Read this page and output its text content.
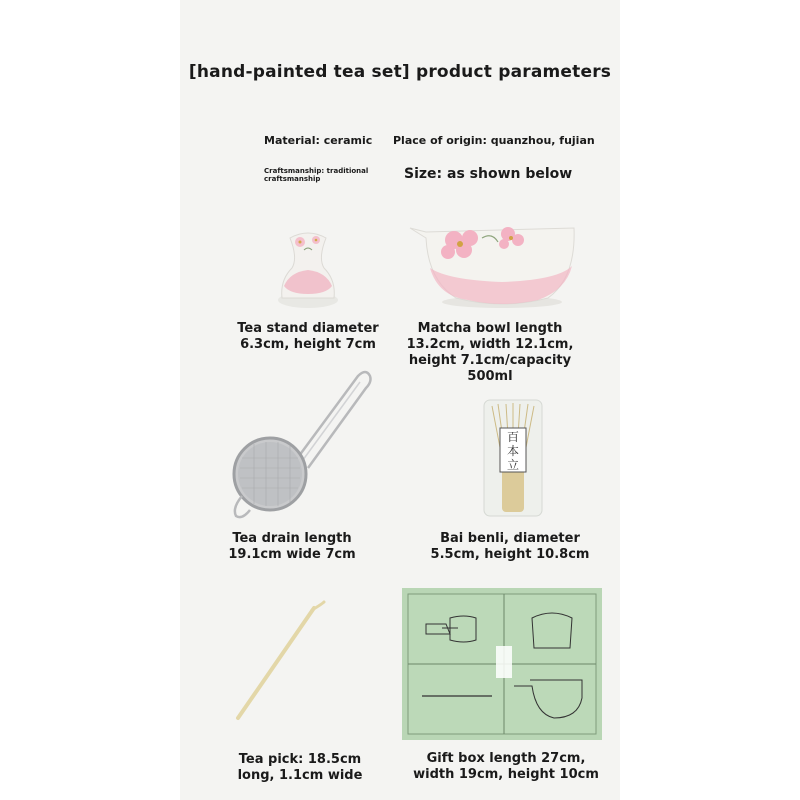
[hand-painted tea set] product parameters
Material: ceramic Place of origin: quanzhou, fujian
Craftsmanship: traditional craftsmanship	Size: as shown below
Tea stand diameter 6.3cm, height 7cm
Matcha bowl length 13.2cm, width 12.1cm, height 7.1cm/capacity 500ml
Tea drain length 19.1cm wide 7cm
百本立
Bai benli, diameter 5.5cm, height 10.8cm
Tea pick: 18.5cm long, 1.1cm wide
Gift box length 27cm, width 19cm, height 10cm
